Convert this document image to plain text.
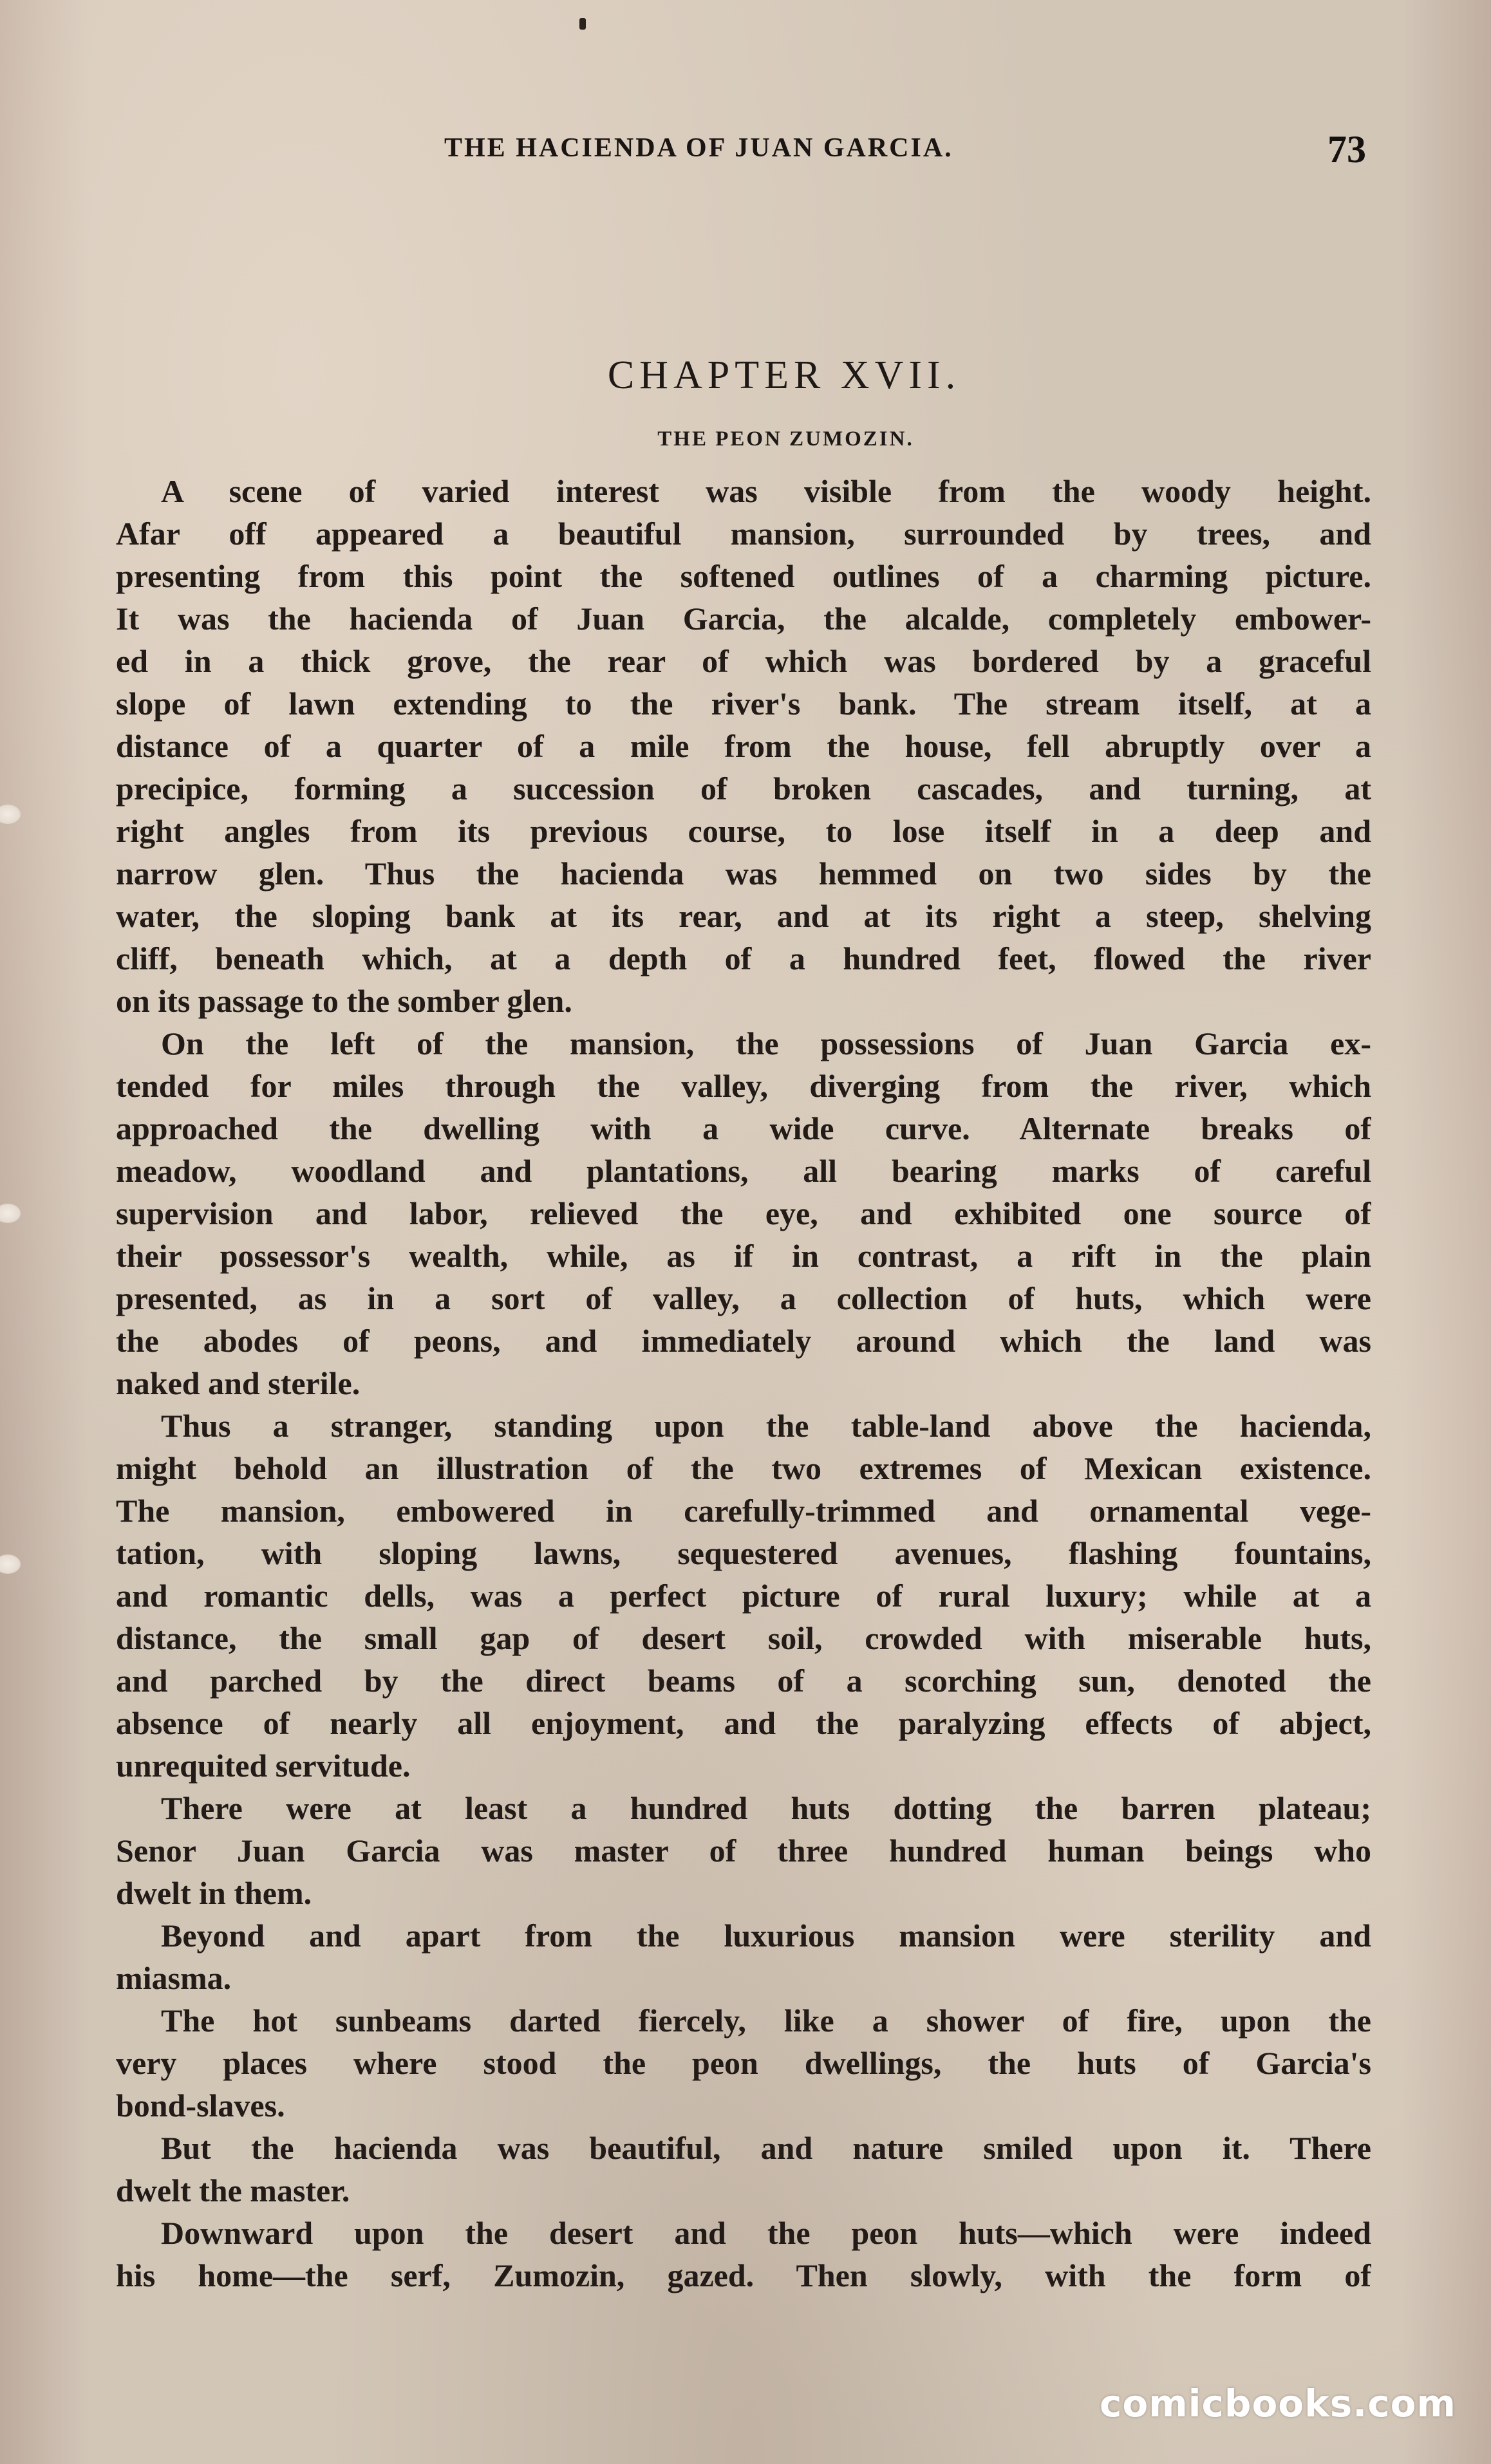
THE HACIENDA OF JUAN GARCIA.	73
CHAPTER XVII.
THE PEON ZUMOZIN.
A scene of varied interest was visible from the woody height.
Afar off appeared a beautiful mansion, surrounded by trees, and
presenting from this point the softened outlines of a charming picture.
It was the hacienda of Juan Garcia, the alcalde, completely embower-
ed in a thick grove, the rear of which was bordered by a graceful
slope of lawn extending to the river's bank. The stream itself, at a
distance of a quarter of a mile from the house, fell abruptly over a
precipice, forming a succession of broken cascades, and turning, at
right angles from its previous course, to lose itself in a deep and
narrow glen. Thus the hacienda was hemmed on two sides by the
water, the sloping bank at its rear, and at its right a steep, shelving
cliff, beneath which, at a depth of a hundred feet, flowed the river
on its passage to the somber glen.
On the left of the mansion, the possessions of Juan Garcia ex-
tended for miles through the valley, diverging from the river, which
approached the dwelling with a wide curve. Alternate breaks of
meadow, woodland and plantations, all bearing marks of careful
supervision and labor, relieved the eye, and exhibited one source of
their possessor's wealth, while, as if in contrast, a rift in the plain
presented, as in a sort of valley, a collection of huts, which were
the abodes of peons, and immediately around which the land was
naked and sterile.
Thus a stranger, standing upon the table-land above the hacienda,
might behold an illustration of the two extremes of Mexican existence.
The mansion, embowered in carefully-trimmed and ornamental vege-
tation, with sloping lawns, sequestered avenues, flashing fountains,
and romantic dells, was a perfect picture of rural luxury; while at a
distance, the small gap of desert soil, crowded with miserable huts,
and parched by the direct beams of a scorching sun, denoted the
absence of nearly all enjoyment, and the paralyzing effects of abject,
unrequited servitude.
There were at least a hundred huts dotting the barren plateau;
Senor Juan Garcia was master of three hundred human beings who
dwelt in them.
Beyond and apart from the luxurious mansion were sterility and
miasma.
The hot sunbeams darted fiercely, like a shower of fire, upon the
very places where stood the peon dwellings, the huts of Garcia's
bond-slaves.
But the hacienda was beautiful, and nature smiled upon it. There
dwelt the master.
Downward upon the desert and the peon huts—which were indeed
his home—the serf, Zumozin, gazed. Then slowly, with the form of
comicbooks.com
